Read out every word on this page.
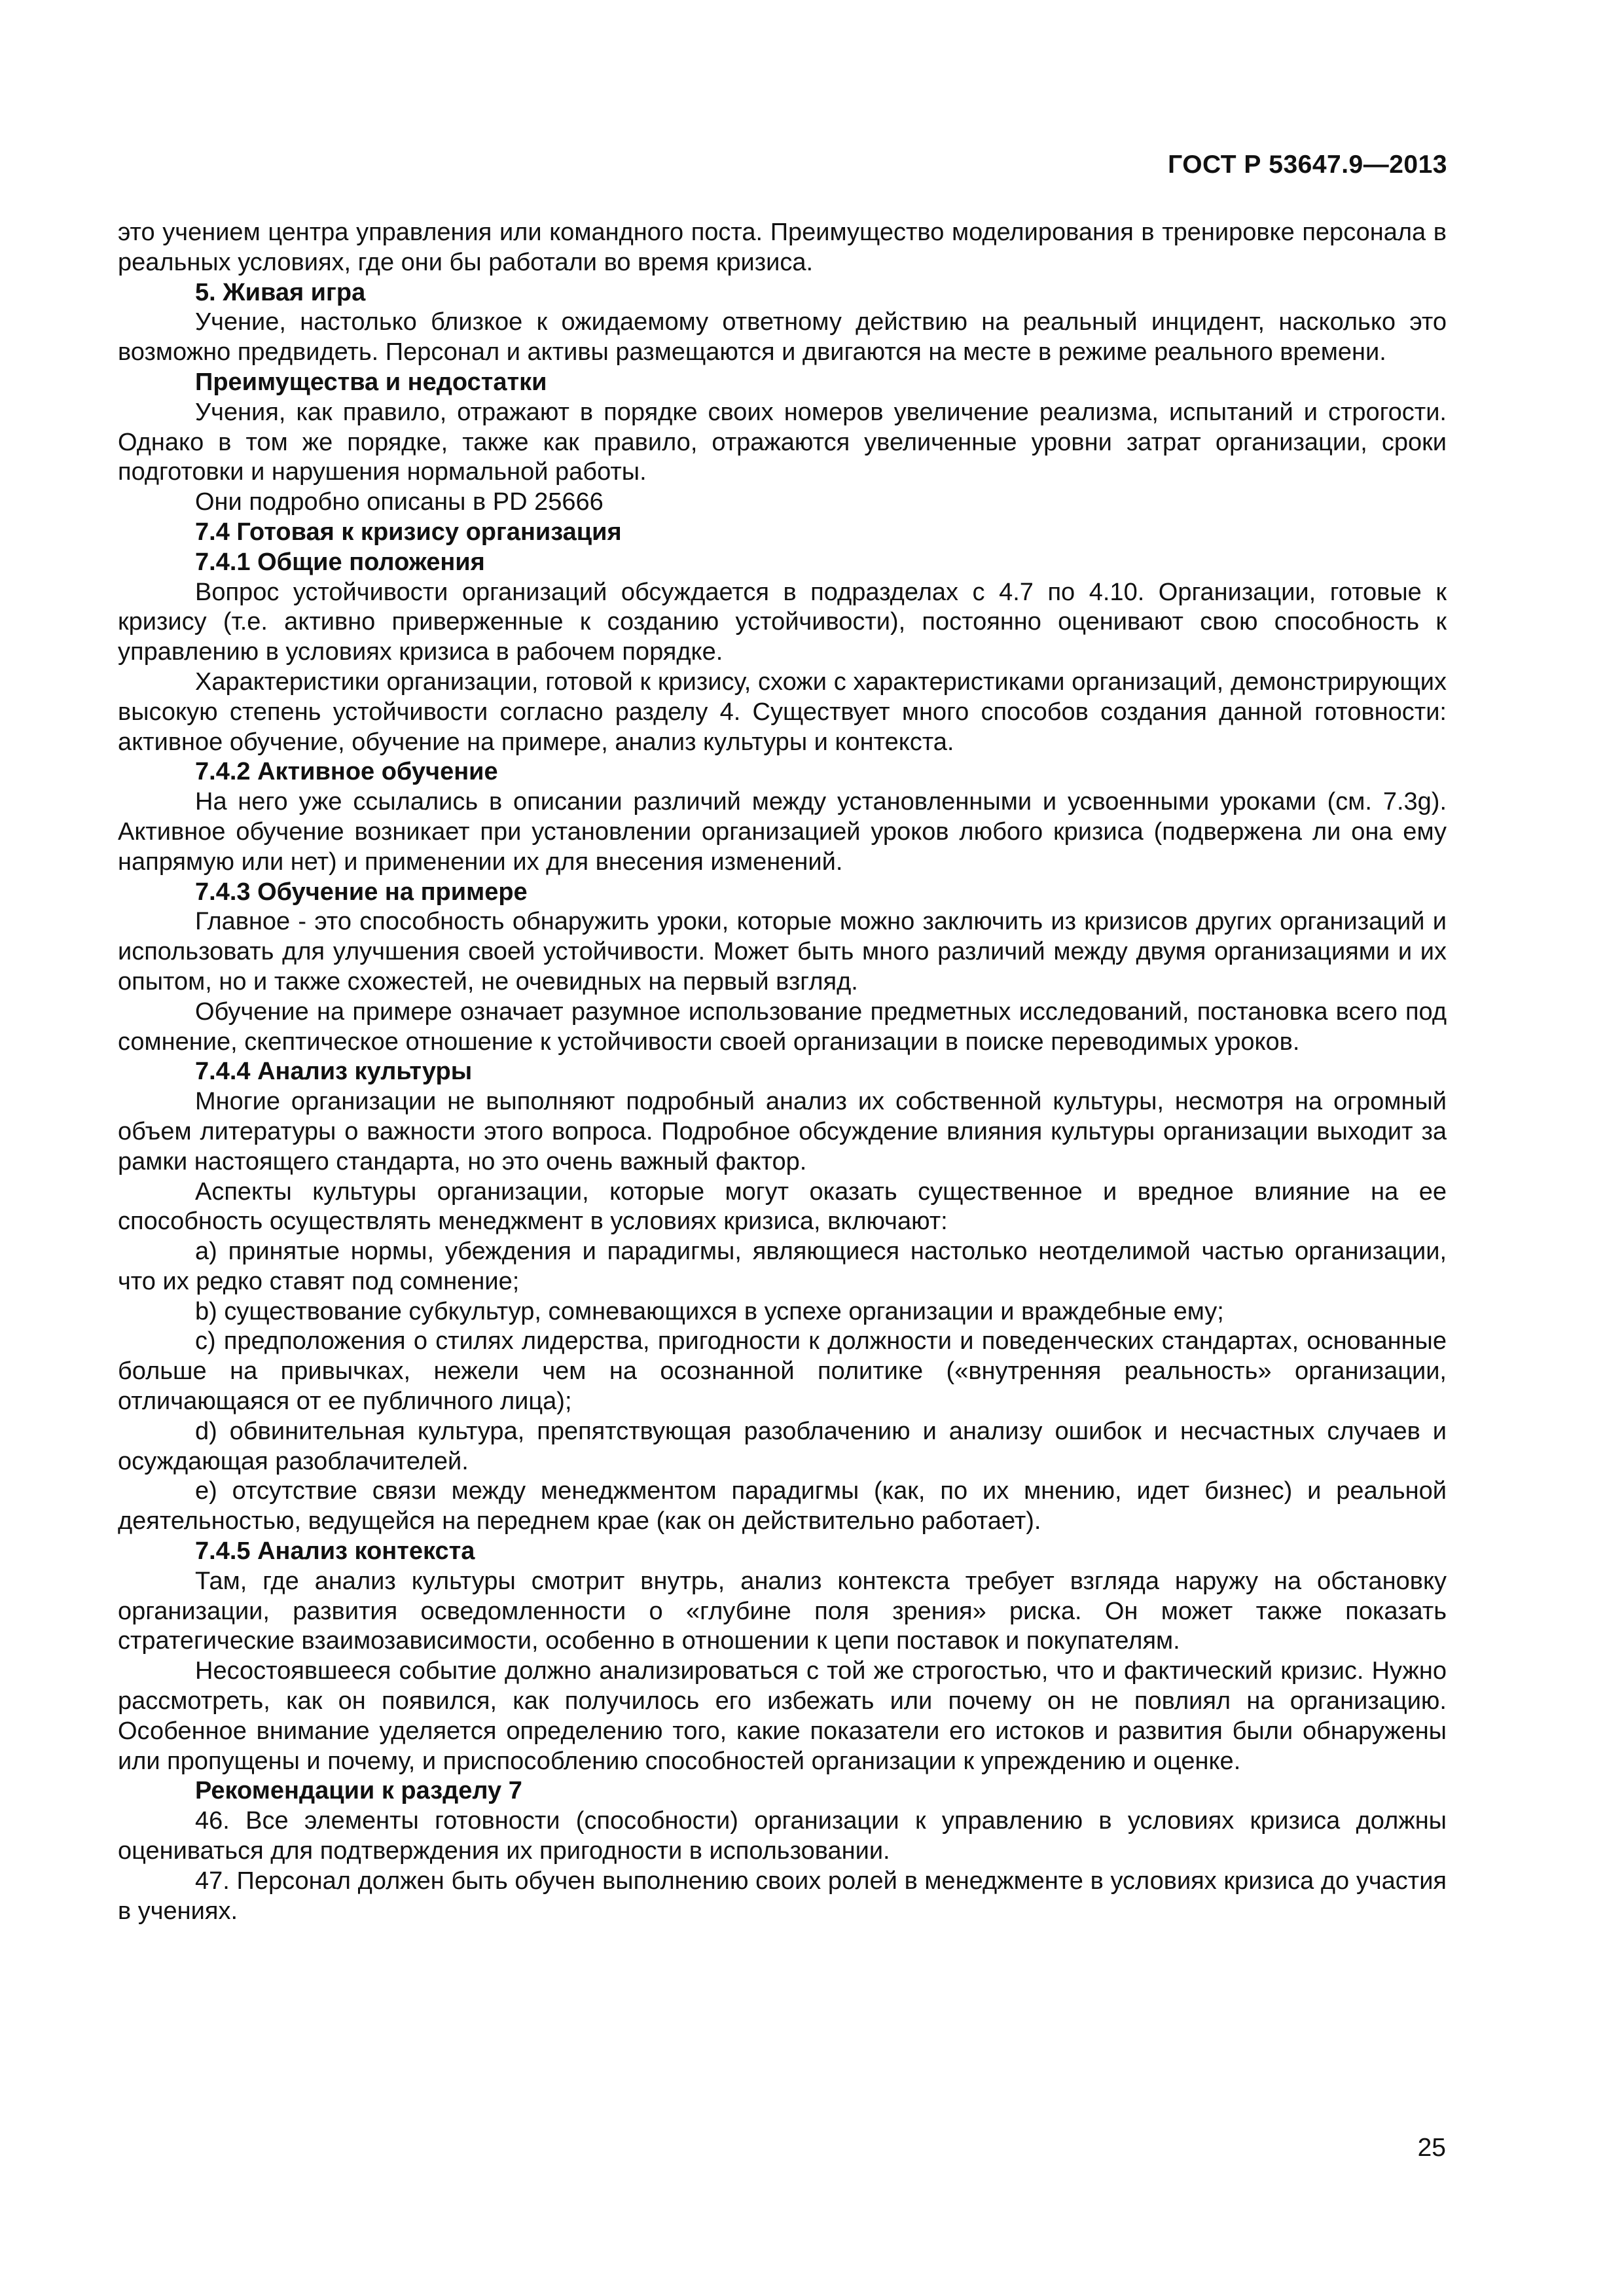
ГОСТ Р 53647.9—2013

это учением центра управления или командного поста. Преимущество моделирования в тренировке персонала в реальных условиях, где они бы работали во время кризиса.

5. Живая игра

Учение, настолько близкое к ожидаемому ответному действию на реальный инцидент, насколько это возможно предвидеть. Персонал и активы размещаются и двигаются на месте в режиме реального времени.

Преимущества и недостатки

Учения, как правило, отражают в порядке своих номеров увеличение реализма, испытаний и строгости. Однако в том же порядке, также как правило, отражаются увеличенные уровни затрат организации, сроки подготовки и нарушения нормальной работы.

Они подробно описаны в PD 25666

7.4 Готовая к кризису организация

7.4.1 Общие положения

Вопрос устойчивости организаций обсуждается в подразделах с 4.7 по 4.10. Организации, готовые к кризису (т.е. активно приверженные к созданию устойчивости), постоянно оценивают свою способность к управлению в условиях кризиса в рабочем порядке.

Характеристики организации, готовой к кризису, схожи с характеристиками организаций, демонстрирующих высокую степень устойчивости согласно разделу 4. Существует много способов создания данной готовности: активное обучение, обучение на примере, анализ культуры и контекста.

7.4.2 Активное обучение

На него уже ссылались в описании различий между установленными и усвоенными уроками (см. 7.3g). Активное обучение возникает при установлении организацией уроков любого кризиса (подвержена ли она ему напрямую или нет) и применении их для внесения изменений.

7.4.3 Обучение на примере

Главное - это способность обнаружить уроки, которые можно заключить из кризисов других организаций и использовать для улучшения своей устойчивости. Может быть много различий между двумя организациями и их опытом, но и также схожестей, не очевидных на первый взгляд.

Обучение на примере означает разумное использование предметных исследований, постановка всего под сомнение, скептическое отношение к устойчивости своей организации в поиске переводимых уроков.

7.4.4 Анализ культуры

Многие организации не выполняют подробный анализ их собственной культуры, несмотря на огромный объем литературы о важности этого вопроса. Подробное обсуждение влияния культуры организации выходит за рамки настоящего стандарта, но это очень важный фактор.

Аспекты культуры организации, которые могут оказать существенное и вредное влияние на ее способность осуществлять менеджмент в условиях кризиса, включают:

a) принятые нормы, убеждения и парадигмы, являющиеся настолько неотделимой частью организации, что их редко ставят под сомнение;

b) существование субкультур, сомневающихся в успехе организации и враждебные ему;

c) предположения о стилях лидерства, пригодности к должности и поведенческих стандартах, основанные больше на привычках, нежели чем на осознанной политике («внутренняя реальность» организации, отличающаяся от ее публичного лица);

d) обвинительная культура, препятствующая разоблачению и анализу ошибок и несчастных случаев и осуждающая разоблачителей.

e) отсутствие связи между менеджментом парадигмы (как, по их мнению, идет бизнес) и реальной деятельностью, ведущейся на переднем крае (как он действительно работает).

7.4.5 Анализ контекста

Там, где анализ культуры смотрит внутрь, анализ контекста требует взгляда наружу на обстановку организации, развития осведомленности о «глубине поля зрения» риска. Он может также показать стратегические взаимозависимости, особенно в отношении к цепи поставок и покупателям.

Несостоявшееся событие должно анализироваться с той же строгостью, что и фактический кризис. Нужно рассмотреть, как он появился, как получилось его избежать или почему он не повлиял на организацию. Особенное внимание уделяется определению того, какие показатели его истоков и развития были обнаружены или пропущены и почему, и приспособлению способностей организации к упреждению и оценке.

Рекомендации к разделу 7

46. Все элементы готовности (способности) организации к управлению в условиях кризиса должны оцениваться для подтверждения их пригодности в использовании.

47. Персонал должен быть обучен выполнению своих ролей в менеджменте в условиях кризиса до участия в учениях.

25
